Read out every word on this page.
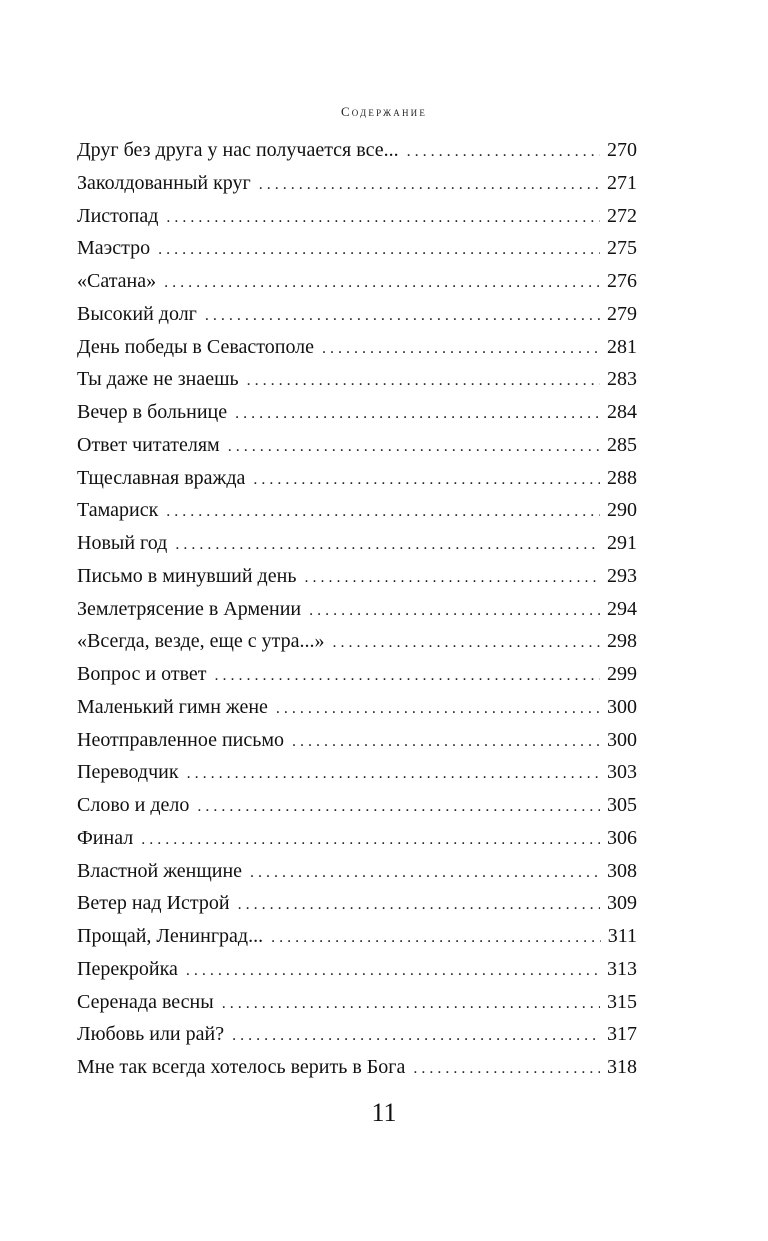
Содержание
Друг без друга у нас получается все... . . .	270
Заколдованный круг . . .	271
Листопад . . .	272
Маэстро . . .	275
«Сатана» . . .	276
Высокий долг . . .	279
День победы в Севастополе . . .	281
Ты даже не знаешь . . .	283
Вечер в больнице . . .	284
Ответ читателям . . .	285
Тщеславная вражда . . .	288
Тамариск . . .	290
Новый год . . .	291
Письмо в минувший день . . .	293
Землетрясение в Армении . . .	294
«Всегда, везде, еще с утра...» . . .	298
Вопрос и ответ . . .	299
Маленький гимн жене . . .	300
Неотправленное письмо . . .	300
Переводчик . . .	303
Слово и дело . . .	305
Финал . . .	306
Властной женщине . . .	308
Ветер над Истрой . . .	309
Прощай, Ленинград... . . .	311
Перекройка . . .	313
Серенада весны . . .	315
Любовь или рай? . . .	317
Мне так всегда хотелось верить в Бога . . .	318
11
